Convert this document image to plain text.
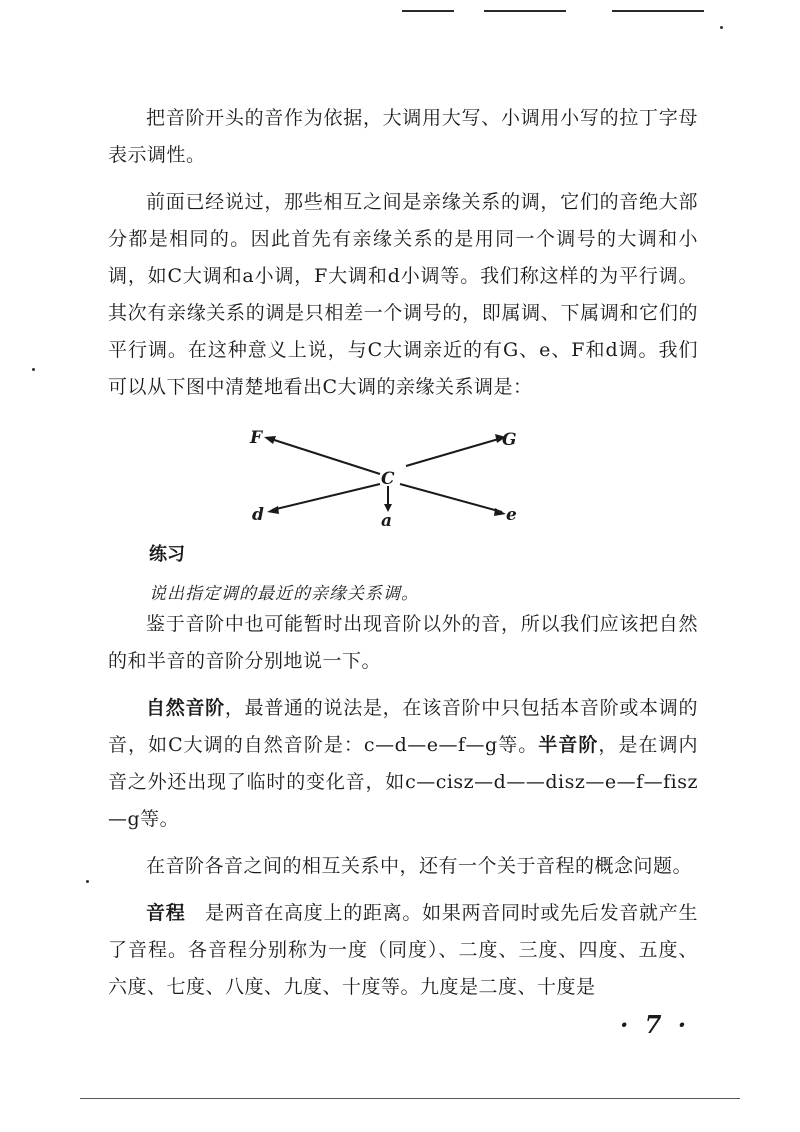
把音阶开头的音作为依据，大调用大写、小调用小写的拉丁字母表示调性。

前面已经说过，那些相互之间是亲缘关系的调，它们的音绝大部分都是相同的。因此首先有亲缘关系的是用同一个调号的大调和小调，如C大调和a小调，F大调和d小调等。我们称这样的为平行调。其次有亲缘关系的调是只相差一个调号的，即属调、下属调和它们的平行调。在这种意义上说，与C大调亲近的有G、e、F和d调。我们可以从下图中清楚地看出C大调的亲缘关系调是：

C
F	G
d	a	e
练习
说出指定调的最近的亲缘关系调。

鉴于音阶中也可能暂时出现音阶以外的音，所以我们应该把自然的和半音的音阶分别地说一下。

自然音阶，最普通的说法是，在该音阶中只包括本音阶或本调的音，如C大调的自然音阶是：c—d—e—f—g等。半音阶，是在调内音之外还出现了临时的变化音，如c—cisz—d——disz—e—f—fisz—g等。

在音阶各音之间的相互关系中，还有一个关于音程的概念问题。

音程　是两音在高度上的距离。如果两音同时或先后发音就产生了音程。各音程分别称为一度（同度）、二度、三度、四度、五度、六度、七度、八度、九度、十度等。九度是二度、十度是

· 7 ·
